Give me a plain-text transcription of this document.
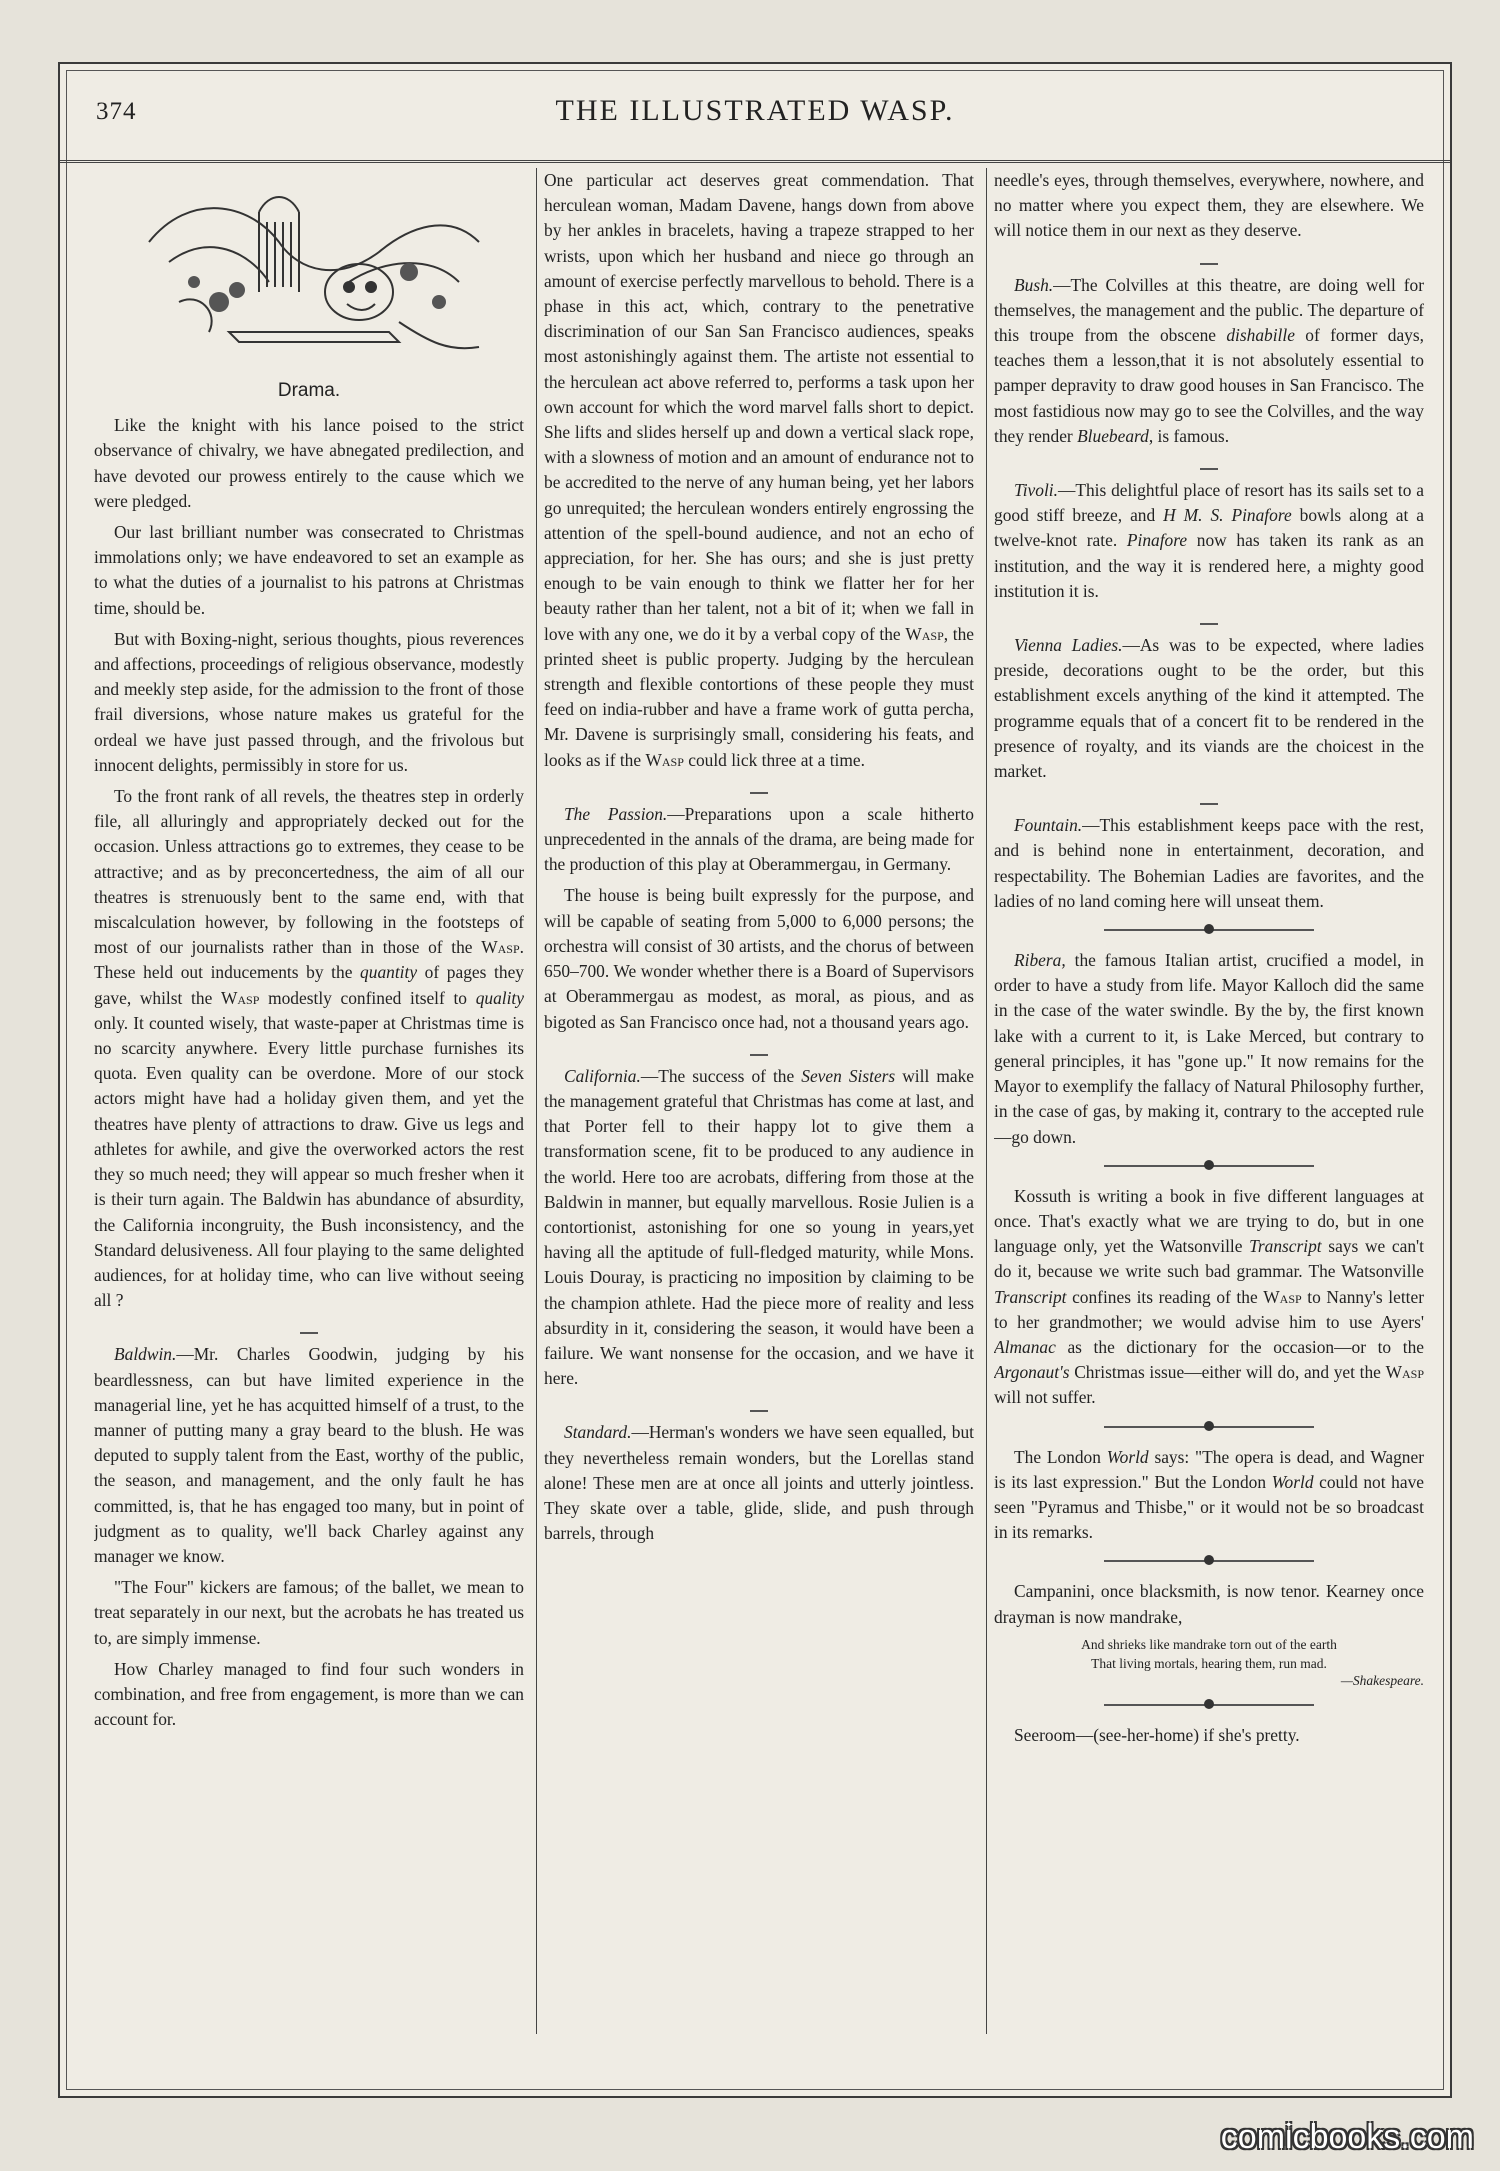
374	THE ILLUSTRATED WASP.
Drama.

Like the knight with his lance poised to the strict observance of chivalry, we have abnegated predilection, and have devoted our prowess entirely to the cause which we were pledged.

Our last brilliant number was consecrated to Christmas immolations only; we have endeavored to set an example as to what the duties of a journalist to his patrons at Christmas time, should be.

But with Boxing-night, serious thoughts, pious reverences and affections, proceedings of religious observance, modestly and meekly step aside, for the admission to the front of those frail diversions, whose nature makes us grateful for the ordeal we have just passed through, and the frivolous but innocent delights, permissibly in store for us.

To the front rank of all revels, the theatres step in orderly file, all alluringly and appropriately decked out for the occasion. Unless attractions go to extremes, they cease to be attractive; and as by preconcertedness, the aim of all our theatres is strenuously bent to the same end, with that miscalculation however, by following in the footsteps of most of our journalists rather than in those of the Wasp. These held out inducements by the quantity of pages they gave, whilst the Wasp modestly confined itself to quality only. It counted wisely, that waste-paper at Christmas time is no scarcity anywhere. Every little purchase furnishes its quota. Even quality can be overdone. More of our stock actors might have had a holiday given them, and yet the theatres have plenty of attractions to draw. Give us legs and athletes for awhile, and give the overworked actors the rest they so much need; they will appear so much fresher when it is their turn again. The Baldwin has abundance of absurdity, the California incongruity, the Bush inconsistency, and the Standard delusiveness. All four playing to the same delighted audiences, for at holiday time, who can live without seeing all ?

Baldwin.—Mr. Charles Goodwin, judging by his beardlessness, can but have limited experience in the managerial line, yet he has acquitted himself of a trust, to the manner of putting many a gray beard to the blush. He was deputed to supply talent from the East, worthy of the public, the season, and management, and the only fault he has committed, is, that he has engaged too many, but in point of judgment as to quality, we'll back Charley against any manager we know.

"The Four" kickers are famous; of the ballet, we mean to treat separately in our next, but the acrobats he has treated us to, are simply immense.

How Charley managed to find four such wonders in combination, and free from engagement, is more than we can account for.

One particular act deserves great commendation. That herculean woman, Madam Davene, hangs down from above by her ankles in bracelets, having a trapeze strapped to her wrists, upon which her husband and niece go through an amount of exercise perfectly marvellous to behold. There is a phase in this act, which, contrary to the penetrative discrimination of our San San Francisco audiences, speaks most astonishingly against them. The artiste not essential to the herculean act above referred to, performs a task upon her own account for which the word marvel falls short to depict. She lifts and slides herself up and down a vertical slack rope, with a slowness of motion and an amount of endurance not to be accredited to the nerve of any human being, yet her labors go unrequited; the herculean wonders entirely engrossing the attention of the spell-bound audience, and not an echo of appreciation, for her. She has ours; and she is just pretty enough to be vain enough to think we flatter her for her beauty rather than her talent, not a bit of it; when we fall in love with any one, we do it by a verbal copy of the Wasp, the printed sheet is public property. Judging by the herculean strength and flexible contortions of these people they must feed on india-rubber and have a frame work of gutta percha, Mr. Davene is surprisingly small, considering his feats, and looks as if the Wasp could lick three at a time.

The Passion.—Preparations upon a scale hitherto unprecedented in the annals of the drama, are being made for the production of this play at Oberammergau, in Germany.

The house is being built expressly for the purpose, and will be capable of seating from 5,000 to 6,000 persons; the orchestra will consist of 30 artists, and the chorus of between 650–700. We wonder whether there is a Board of Supervisors at Oberammergau as modest, as moral, as pious, and as bigoted as San Francisco once had, not a thousand years ago.

California.—The success of the Seven Sisters will make the management grateful that Christmas has come at last, and that Porter fell to their happy lot to give them a transformation scene, fit to be produced to any audience in the world. Here too are acrobats, differing from those at the Baldwin in manner, but equally marvellous. Rosie Julien is a contortionist, astonishing for one so young in years,yet having all the aptitude of full-fledged maturity, while Mons. Louis Douray, is practicing no imposition by claiming to be the champion athlete. Had the piece more of reality and less absurdity in it, considering the season, it would have been a failure. We want nonsense for the occasion, and we have it here.

Standard.—Herman's wonders we have seen equalled, but they nevertheless remain wonders, but the Lorellas stand alone! These men are at once all joints and utterly jointless. They skate over a table, glide, slide, and push through barrels, through

needle's eyes, through themselves, everywhere, nowhere, and no matter where you expect them, they are elsewhere. We will notice them in our next as they deserve.

Bush.—The Colvilles at this theatre, are doing well for themselves, the management and the public. The departure of this troupe from the obscene dishabille of former days, teaches them a lesson,that it is not absolutely essential to pamper depravity to draw good houses in San Francisco. The most fastidious now may go to see the Colvilles, and the way they render Bluebeard, is famous.

Tivoli.—This delightful place of resort has its sails set to a good stiff breeze, and H M. S. Pinafore bowls along at a twelve-knot rate. Pinafore now has taken its rank as an institution, and the way it is rendered here, a mighty good institution it is.

Vienna Ladies.—As was to be expected, where ladies preside, decorations ought to be the order, but this establishment excels anything of the kind it attempted. The programme equals that of a concert fit to be rendered in the presence of royalty, and its viands are the choicest in the market.

Fountain.—This establishment keeps pace with the rest, and is behind none in entertainment, decoration, and respectability. The Bohemian Ladies are favorites, and the ladies of no land coming here will unseat them.

Ribera, the famous Italian artist, crucified a model, in order to have a study from life. Mayor Kalloch did the same in the case of the water swindle. By the by, the first known lake with a current to it, is Lake Merced, but contrary to general principles, it has "gone up." It now remains for the Mayor to exemplify the fallacy of Natural Philosophy further, in the case of gas, by making it, contrary to the accepted rule—go down.

Kossuth is writing a book in five different languages at once. That's exactly what we are trying to do, but in one language only, yet the Watsonville Transcript says we can't do it, because we write such bad grammar. The Watsonville Transcript confines its reading of the Wasp to Nanny's letter to her grandmother; we would advise him to use Ayers' Almanac as the dictionary for the occasion—or to the Argonaut's Christmas issue—either will do, and yet the Wasp will not suffer.

The London World says: "The opera is dead, and Wagner is its last expression." But the London World could not have seen "Pyramus and Thisbe," or it would not be so broadcast in its remarks.

Campanini, once blacksmith, is now tenor. Kearney once drayman is now mandrake,

And shrieks like mandrake torn out of the earth
That living mortals, hearing them, run mad.
—Shakespeare.

Seeroom—(see-her-home) if she's pretty.

comicbooks.com
